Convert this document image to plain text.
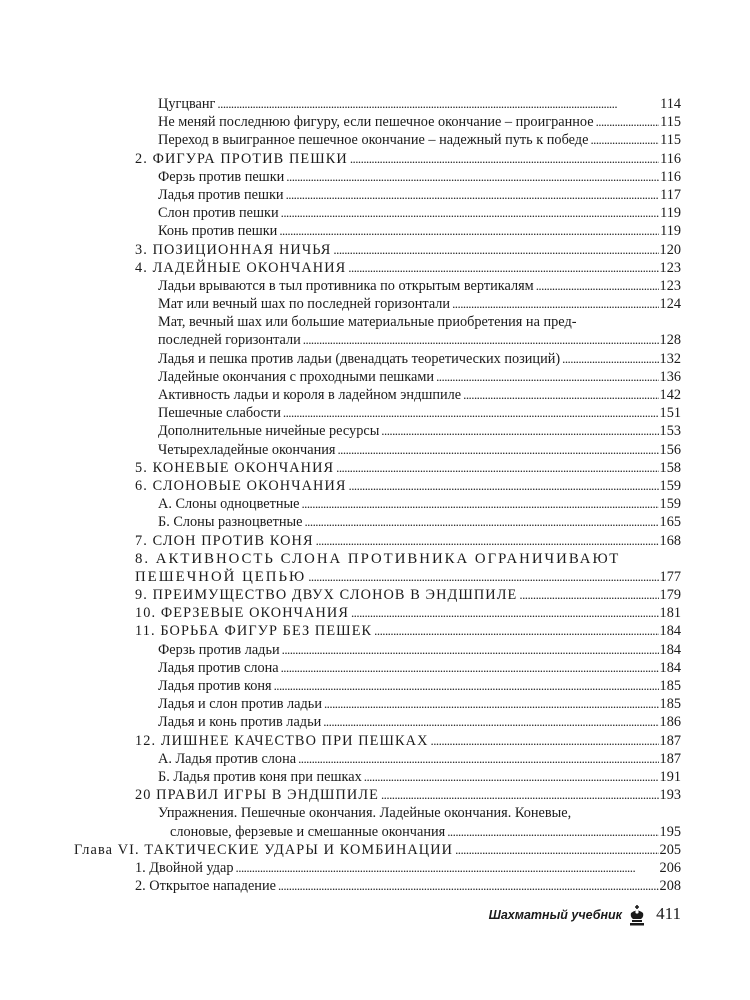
Цугцванг	114
. . .
Не меняй последнюю фигуру, если пешечное окончание – проигранное	115
. . .
Переход в выигранное пешечное окончание – надежный путь к победе	115
. . .
2. ФИГУРА ПРОТИВ ПЕШКИ	116
. . .
Ферзь против пешки	116
. . .
Ладья против пешки	117
. . .
Слон против пешки	119
. . .
Конь против пешки	119
. . .
3. ПОЗИЦИОННАЯ НИЧЬЯ	120
. . .
4. ЛАДЕЙНЫЕ ОКОНЧАНИЯ	123
. . .
Ладьи врываются в тыл противника по открытым вертикалям	123
. . .
Мат или вечный шах по последней горизонтали	124
. . .
Мат, вечный шах или большие материальные приобретения на пред-
последней горизонтали	128
. . .
Ладья и пешка против ладьи (двенадцать теоретических позиций)	132
. . .
Ладейные окончания с проходными пешками	136
. . .
Активность ладьи и короля в ладейном эндшпиле	142
. . .
Пешечные слабости	151
. . .
Дополнительные ничейные ресурсы	153
. . .
Четырехладейные окончания	156
. . .
5. КОНЕВЫЕ ОКОНЧАНИЯ	158
. . .
6. СЛОНОВЫЕ ОКОНЧАНИЯ	159
. . .
А. Слоны одноцветные	159
. . .
Б. Слоны разноцветные	165
. . .
7. СЛОН ПРОТИВ КОНЯ	168
. . .
8. АКТИВНОСТЬ СЛОНА ПРОТИВНИКА ОГРАНИЧИВАЮТ
ПЕШЕЧНОЙ ЦЕПЬЮ	177
. . .
9. ПРЕИМУЩЕСТВО ДВУХ СЛОНОВ В ЭНДШПИЛЕ	179
. . .
10. ФЕРЗЕВЫЕ ОКОНЧАНИЯ	181
. . .
11. БОРЬБА ФИГУР БЕЗ ПЕШЕК	184
. . .
Ферзь против ладьи	184
. . .
Ладья против слона	184
. . .
Ладья против коня	185
. . .
Ладья и слон против ладьи	185
. . .
Ладья и конь против ладьи	186
. . .
12. ЛИШНЕЕ КАЧЕСТВО ПРИ ПЕШКАХ	187
. . .
А. Ладья против слона	187
. . .
Б. Ладья против коня при пешках	191
. . .
20 ПРАВИЛ ИГРЫ В ЭНДШПИЛЕ	193
. . .
Упражнения. Пешечные окончания. Ладейные окончания. Коневые,
слоновые, ферзевые и смешанные окончания	195
. . .
Глава VI. ТАКТИЧЕСКИЕ УДАРЫ И КОМБИНАЦИИ	205
. . .
1. Двойной удар	206
. . .
2. Открытое нападение	208
. . .
Шахматный учебник 411
